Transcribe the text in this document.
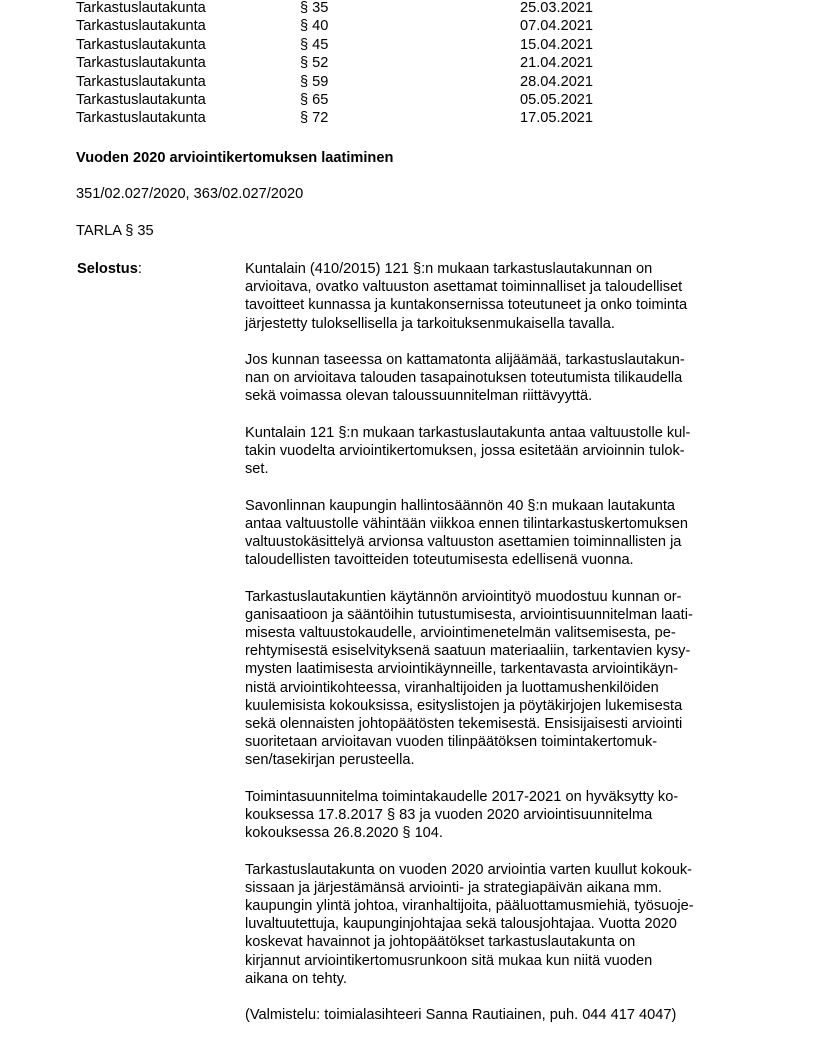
Tarkastuslautakunta	§ 35	25.03.2021
Tarkastuslautakunta	§ 40	07.04.2021
Tarkastuslautakunta	§ 45	15.04.2021
Tarkastuslautakunta	§ 52	21.04.2021
Tarkastuslautakunta	§ 59	28.04.2021
Tarkastuslautakunta	§ 65	05.05.2021
Tarkastuslautakunta	§ 72	17.05.2021
Vuoden 2020 arviointikertomuksen laatiminen
351/02.027/2020, 363/02.027/2020
TARLA § 35
Selostus:	Kuntalain (410/2015) 121 §:n mukaan tarkastuslautakunnan on
arvioitava, ovatko valtuuston asettamat toiminnalliset ja taloudelliset
tavoitteet kunnassa ja kuntakonsernissa toteutuneet ja onko toiminta
järjestetty tuloksellisella ja tarkoituksenmukaisella tavalla.

Jos kunnan taseessa on kattamatonta alijäämää, tarkastuslautakun-
nan on arvioitava talouden tasapainotuksen toteutumista tilikaudella
sekä voimassa olevan taloussuunnitelman riittävyyttä.

Kuntalain 121 §:n mukaan tarkastuslautakunta antaa valtuustolle kul-
takin vuodelta arviointikertomuksen, jossa esitetään arvioinnin tulok-
set.

Savonlinnan kaupungin hallintosäännön 40 §:n mukaan lautakunta
antaa valtuustolle vähintään viikkoa ennen tilintarkastuskertomuksen
valtuustokäsittelyä arvionsa valtuuston asettamien toiminnallisten ja
taloudellisten tavoitteiden toteutumisesta edellisenä vuonna.

Tarkastuslautakuntien käytännön arviointityö muodostuu kunnan or-
ganisaatioon ja sääntöihin tutustumisesta, arviointisuunnitelman laati-
misesta valtuustokaudelle, arviointimenetelmän valitsemisesta, pe-
rehtymisestä esiselvityksenä saatuun materiaaliin, tarkentavien kysy-
mysten laatimisesta arviointikäynneille, tarkentavasta arviointikäyn-
nistä arviointikohteessa, viranhaltijoiden ja luottamushenkilöiden
kuulemisista kokouksissa, esityslistojen ja pöytäkirjojen lukemisesta
sekä olennaisten johtopäätösten tekemisestä. Ensisijaisesti arviointi
suoritetaan arvioitavan vuoden tilinpäätöksen toimintakertomuk-
sen/tasekirjan perusteella.

Toimintasuunnitelma toimintakaudelle 2017-2021 on hyväksytty ko-
kouksessa 17.8.2017 § 83 ja vuoden 2020 arviointisuunnitelma
kokouksessa 26.8.2020 § 104.

Tarkastuslautakunta on vuoden 2020 arviointia varten kuullut kokouk-
sissaan ja järjestämänsä arviointi- ja strategiapäivän aikana mm.
kaupungin ylintä johtoa, viranhaltijoita, pääluottamusmiehiä, työsuoje-
luvaltuutettuja, kaupunginjohtajaa sekä talousjohtajaa. Vuotta 2020
koskevat havainnot ja johtopäätökset tarkastuslautakunta on
kirjannut arviointikertomusrunkoon sitä mukaa kun niitä vuoden
aikana on tehty.

(Valmistelu: toimialasihteeri Sanna Rautiainen, puh. 044 417 4047)
